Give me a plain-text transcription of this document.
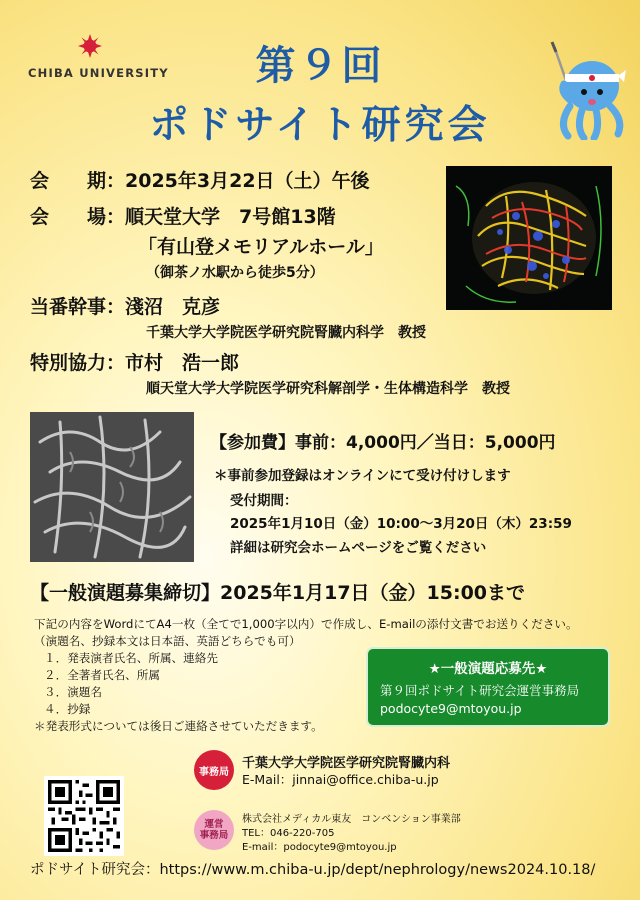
CHIBA UNIVERSITY	第９回
ポドサイト研究会
会　　期：2025年3月22日（土）午後
会　　場：順天堂大学　7号館13階
「有山登メモリアルホール」
（御茶ノ水駅から徒歩5分）
当番幹事：淺沼　克彦
千葉大学大学院医学研究院腎臓内科学　教授
特別協力：市村　浩一郎
順天堂大学大学院医学研究科解剖学・生体構造科学　教授
【参加費】事前：4,000円／当日：5,000円
＊事前参加登録はオンラインにて受け付けします
受付期間：
2025年1月10日（金）10:00〜3月20日（木）23:59
詳細は研究会ホームページをご覧ください
【一般演題募集締切】2025年1月17日（金）15:00まで
下記の内容をWordにてA4一枚（全てで1,000字以内）で作成し、E-mailの添付文書でお送りください。
（演題名、抄録本文は日本語、英語どちらでも可）
１．発表演者氏名、所属、連絡先
２．全著者氏名、所属
３．演題名
４．抄録
＊発表形式については後日ご連絡させていただきます。
★一般演題応募先★
第９回ポドサイト研究会運営事務局
podocyte9@mtoyou.jp
事務局
千葉大学大学院医学研究院腎臓内科
E-Mail：jinnai@office.chiba-u.jp
運営
事務局
株式会社メディカル東友　コンベンション事業部
TEL：046-220-705
E-mail：podocyte9@mtoyou.jp
ポドサイト研究会：https://www.m.chiba-u.jp/dept/nephrology/news2024.10.18/
